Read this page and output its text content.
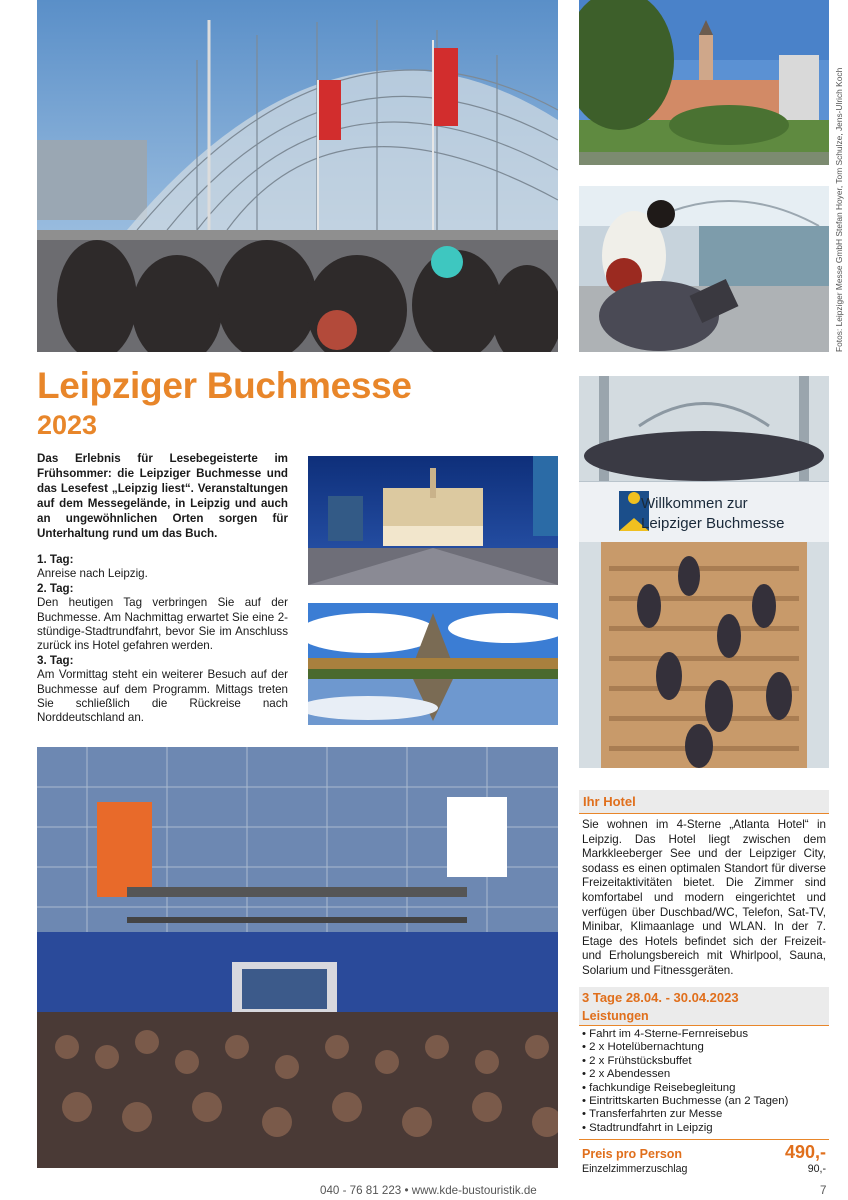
Fotos: Leipziger Messe GmbH Stefan Hoyer, Tom Schulze, Jens-Ulrich Koch
Leipziger Buchmesse
2023

Das Erlebnis für Lesebegeisterte im Frühsommer: die Leipziger Buchmesse und das Lesefest „Leipzig liest“. Veranstaltungen auf dem Messegelände, in Leipzig und auch an ungewöhnlichen Orten sorgen für Unterhaltung rund um das Buch.

1. Tag:
Anreise nach Leipzig.
2. Tag:
Den heutigen Tag verbringen Sie auf der Buchmesse. Am Nachmittag erwartet Sie eine 2-stündige-Stadtrundfahrt, bevor Sie im Anschluss zurück ins Hotel gefahren werden.
3. Tag:
Am Vormittag steht ein weiterer Besuch auf der Buchmesse auf dem Programm. Mittags treten Sie schließlich die Rückreise nach Norddeutschland an.
Willkommen zur
Leipziger Buchmesse
Ihr Hotel

Sie wohnen im 4-Sterne „Atlanta Hotel“ in Leipzig. Das Hotel liegt zwischen dem Markkleeberger See und der Leipziger City, sodass es einen optimalen Standort für diverse Freizeitaktivitäten bietet. Die Zimmer sind komfortabel und modern eingerichtet und verfügen über Duschbad/WC, Telefon, Sat-TV, Minibar, Klimaanlage und WLAN. In der 7. Etage des Hotels befindet sich der Freizeit- und Erholungsbereich mit Whirlpool, Sauna, Solarium und Fitnessgeräten.

3 Tage 28.04. - 30.04.2023
Leistungen
• Fahrt im 4-Sterne-Fernreisebus
• 2 x Hotelübernachtung
• 2 x Frühstücksbuffet
• 2 x Abendessen
• fachkundige Reisebegleitung
• Eintrittskarten Buchmesse (an 2 Tagen)
• Transferfahrten zur Messe
• Stadtrundfahrt in Leipzig
Preis pro Person	490,-
Einzelzimmerzuschlag	90,-
040 - 76 81 223 • www.kde-bustouristik.de	7
